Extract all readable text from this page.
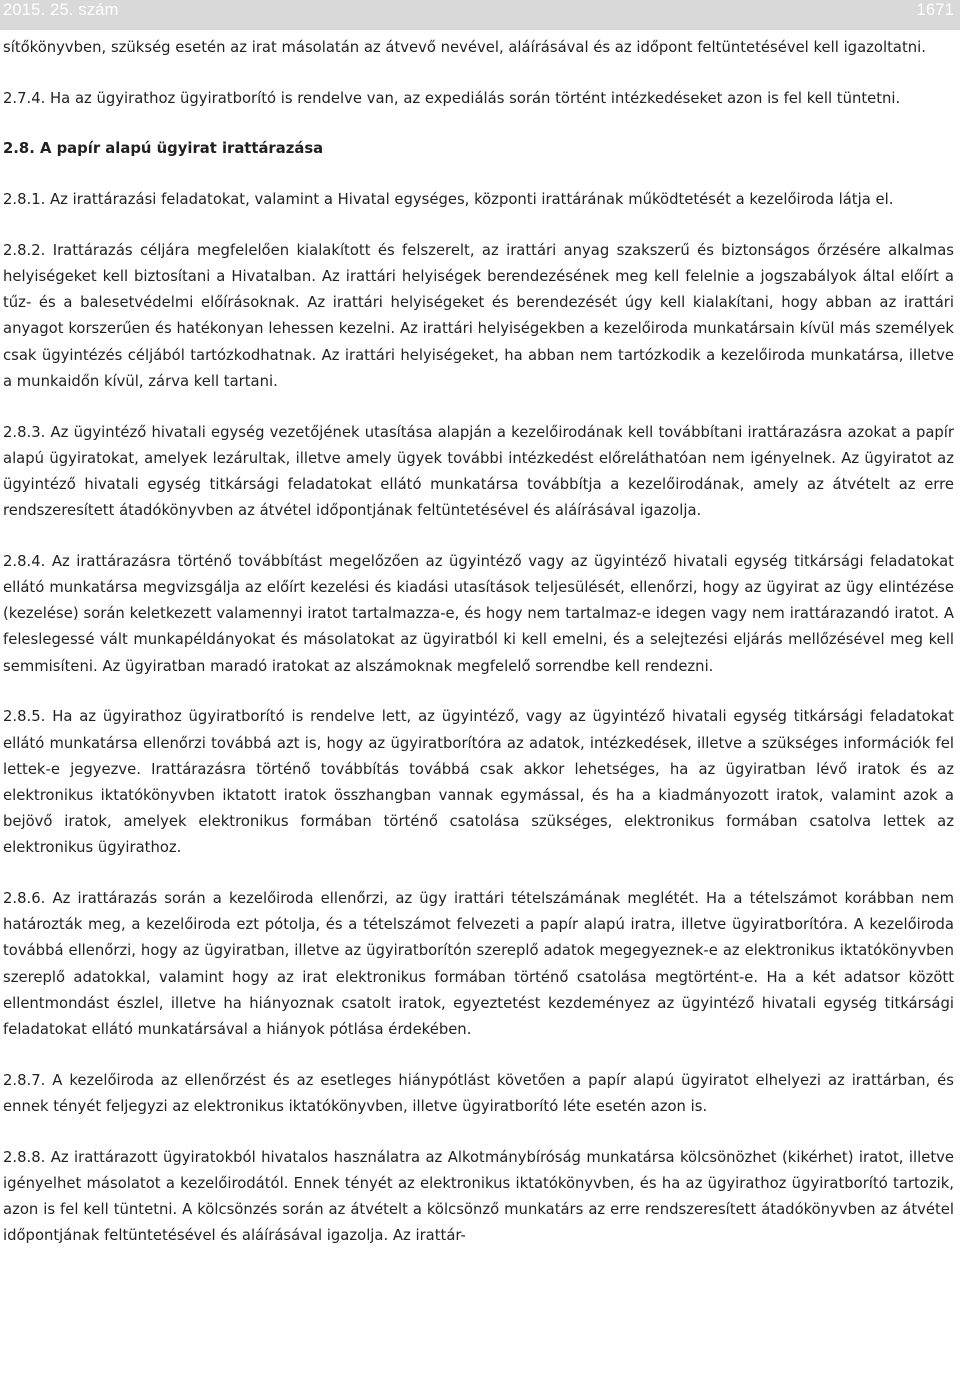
2015. 25. szám	1671

sítőkönyvben, szükség esetén az irat másolatán az átvevő nevével, aláírásával és az időpont feltüntetésével kell igazoltatni.

2.7.4. Ha az ügyirathoz ügyiratborító is rendelve van, az expediálás során történt intézkedéseket azon is fel kell tüntetni.

2.8. A papír alapú ügyirat irattárazása

2.8.1. Az irattárazási feladatokat, valamint a Hivatal egységes, központi irattárának működtetését a kezelőiroda látja el.

2.8.2. Irattárazás céljára megfelelően kialakított és felszerelt, az irattári anyag szakszerű és biztonságos őrzésére alkalmas helyiségeket kell biztosítani a Hivatalban. Az irattári helyiségek berendezésének meg kell felelnie a jogszabályok által előírt a tűz- és a balesetvédelmi előírásoknak. Az irattári helyiségeket és berendezését úgy kell kialakítani, hogy abban az irattári anyagot korszerűen és hatékonyan lehessen kezelni. Az irattári helyiségekben a kezelőiroda munkatársain kívül más személyek csak ügyintézés céljából tartózkodhatnak. Az irattári helyiségeket, ha abban nem tartózkodik a kezelőiroda munkatársa, illetve a munkaidőn kívül, zárva kell tartani.

2.8.3. Az ügyintéző hivatali egység vezetőjének utasítása alapján a kezelőirodának kell továbbítani irattárazásra azokat a papír alapú ügyiratokat, amelyek lezárultak, illetve amely ügyek további intézkedést előreláthatóan nem igényelnek. Az ügyiratot az ügyintéző hivatali egység titkársági feladatokat ellátó munkatársa továbbítja a kezelőirodának, amely az átvételt az erre rendszeresített átadókönyvben az átvétel időpontjának feltüntetésével és aláírásával igazolja.

2.8.4. Az irattárazásra történő továbbítást megelőzően az ügyintéző vagy az ügyintéző hivatali egység titkársági feladatokat ellátó munkatársa megvizsgálja az előírt kezelési és kiadási utasítások teljesülését, ellenőrzi, hogy az ügyirat az ügy elintézése (kezelése) során keletkezett valamennyi iratot tartalmazza-e, és hogy nem tartalmaz-e idegen vagy nem irattárazandó iratot. A feleslegessé vált munkapéldányokat és másolatokat az ügyiratból ki kell emelni, és a selejtezési eljárás mellőzésével meg kell semmisíteni. Az ügyiratban maradó iratokat az alszámoknak megfelelő sorrendbe kell rendezni.

2.8.5. Ha az ügyirathoz ügyiratborító is rendelve lett, az ügyintéző, vagy az ügyintéző hivatali egység titkársági feladatokat ellátó munkatársa ellenőrzi továbbá azt is, hogy az ügyiratborítóra az adatok, intézkedések, illetve a szükséges információk fel lettek-e jegyezve. Irattárazásra történő továbbítás továbbá csak akkor lehetséges, ha az ügyiratban lévő iratok és az elektronikus iktatókönyvben iktatott iratok összhangban vannak egymással, és ha a kiadmányozott iratok, valamint azok a bejövő iratok, amelyek elektronikus formában történő csatolása szükséges, elektronikus formában csatolva lettek az elektronikus ügyirathoz.

2.8.6. Az irattárazás során a kezelőiroda ellenőrzi, az ügy irattári tételszámának meglétét. Ha a tételszámot korábban nem határozták meg, a kezelőiroda ezt pótolja, és a tételszámot felvezeti a papír alapú iratra, illetve ügyiratborítóra. A kezelőiroda továbbá ellenőrzi, hogy az ügyiratban, illetve az ügyiratborítón szereplő adatok megegyeznek-e az elektronikus iktatókönyvben szereplő adatokkal, valamint hogy az irat elektronikus formában történő csatolása megtörtént-e. Ha a két adatsor között ellentmondást észlel, illetve ha hiányoznak csatolt iratok, egyeztetést kezdeményez az ügyintéző hivatali egység titkársági feladatokat ellátó munkatársával a hiányok pótlása érdekében.

2.8.7. A kezelőiroda az ellenőrzést és az esetleges hiánypótlást követően a papír alapú ügyiratot elhelyezi az irattárban, és ennek tényét feljegyzi az elektronikus iktatókönyvben, illetve ügyiratborító léte esetén azon is.

2.8.8. Az irattárazott ügyiratokból hivatalos használatra az Alkotmánybíróság munkatársa kölcsönözhet (kikérhet) iratot, illetve igényelhet másolatot a kezelőirodától. Ennek tényét az elektronikus iktatókönyvben, és ha az ügyirathoz ügyiratborító tartozik, azon is fel kell tüntetni. A kölcsönzés során az átvételt a kölcsönző munkatárs az erre rendszeresített átadókönyvben az átvétel időpontjának feltüntetésével és aláírásával igazolja. Az irattár-
